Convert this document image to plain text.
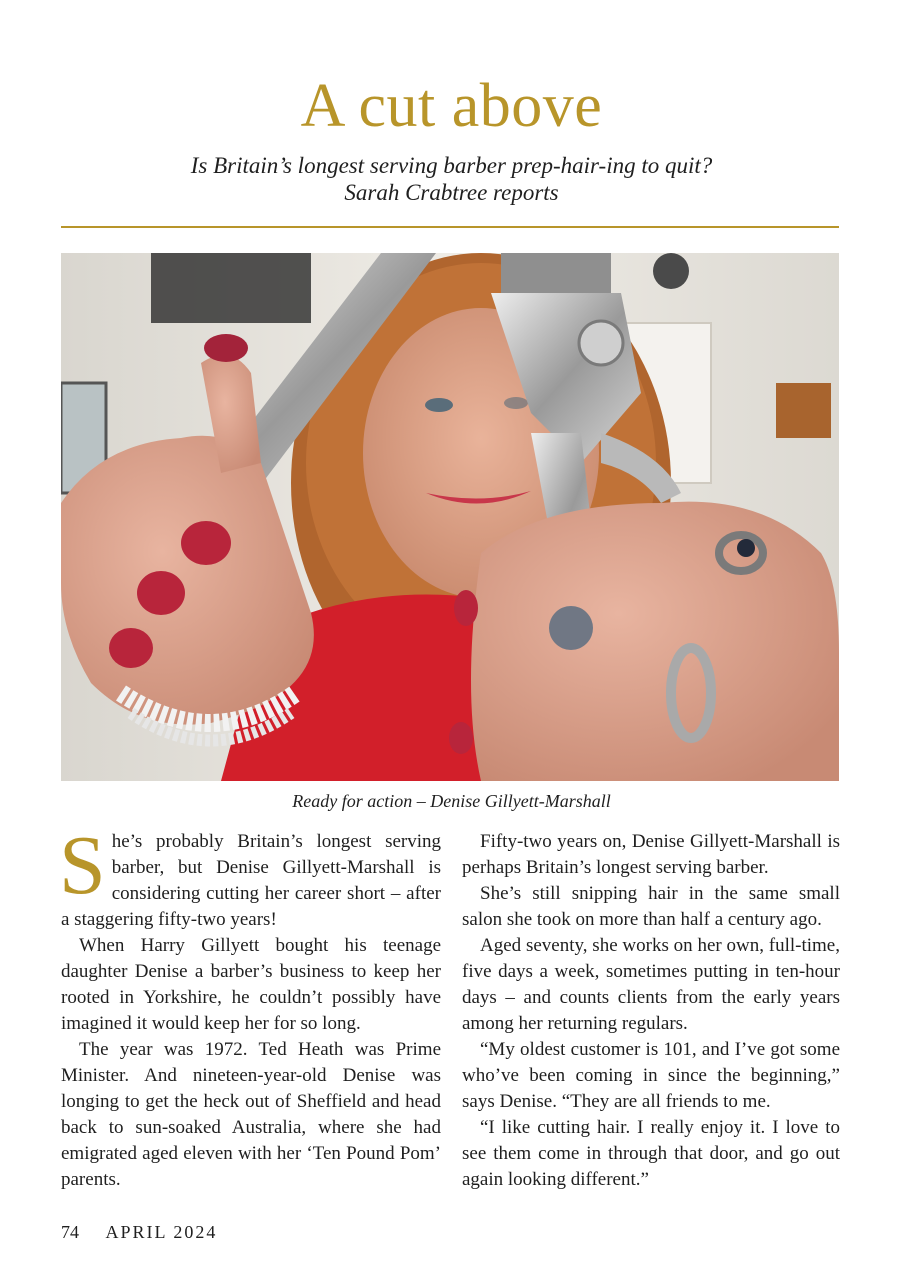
A cut above
Is Britain’s longest serving barber prep-hair-ing to quit?
Sarah Crabtree reports
Ready for action – Denise Gillyett-Marshall

She’s probably Britain’s longest serving barber, but Denise Gillyett-Marshall is considering cutting her career short – after a staggering fifty-two years!

When Harry Gillyett bought his teenage daughter Denise a barber’s business to keep her rooted in Yorkshire, he couldn’t possibly have imagined it would keep her for so long.

The year was 1972. Ted Heath was Prime Minister. And nineteen-year-old Denise was longing to get the heck out of Sheffield and head back to sun-soaked Australia, where she had emigrated aged eleven with her ‘Ten Pound Pom’ parents.

Fifty-two years on, Denise Gillyett-Marshall is perhaps Britain’s longest serving barber.

She’s still snipping hair in the same small salon she took on more than half a century ago.

Aged seventy, she works on her own, full-time, five days a week, sometimes putting in ten-hour days – and counts clients from the early years among her returning regulars.

“My oldest customer is 101, and I’ve got some who’ve been coming in since the beginning,” says Denise. “They are all friends to me.

“I like cutting hair. I really enjoy it. I love to see them come in through that door, and go out again looking different.”

74 APRIL 2024
